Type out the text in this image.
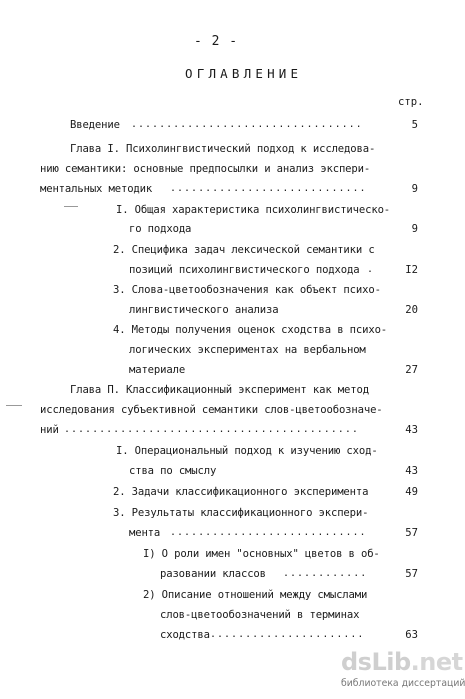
- 2 -
ОГЛАВЛЕНИЕ
стр.
Введение .................................	5
Глава I. Психолингвистический подход к исследова-
нию семантики: основные предпосылки и анализ экспери-
ментальных методик ............................	9
I. Общая характеристика психолингвистическо-
го подхода	9
2. Специфика задач лексической семантики с
позиций психолингвистического подхода .	I2
3. Слова-цветообозначения как объект психо-
лингвистического анализа	20
4. Методы получения оценок сходства в психо-
логических экспериментах на вербальном
материале	27
Глава П. Классификационный эксперимент как метод
исследования субъективной семантики слов-цветообозначе-
ний ..........................................	43
I. Операциональный подход к изучению сход-
ства по смыслу	43
2. Задачи классификационного эксперимента	49
3. Результаты классификационного экспери-
мента ............................	57
I) О роли имен "основных" цветов в об-
разовании классов ............	57
2) Описание отношений между смыслами
слов-цветообозначений в терминах
сходства ......................	63
dsLib.net
библиотека диссертаций
